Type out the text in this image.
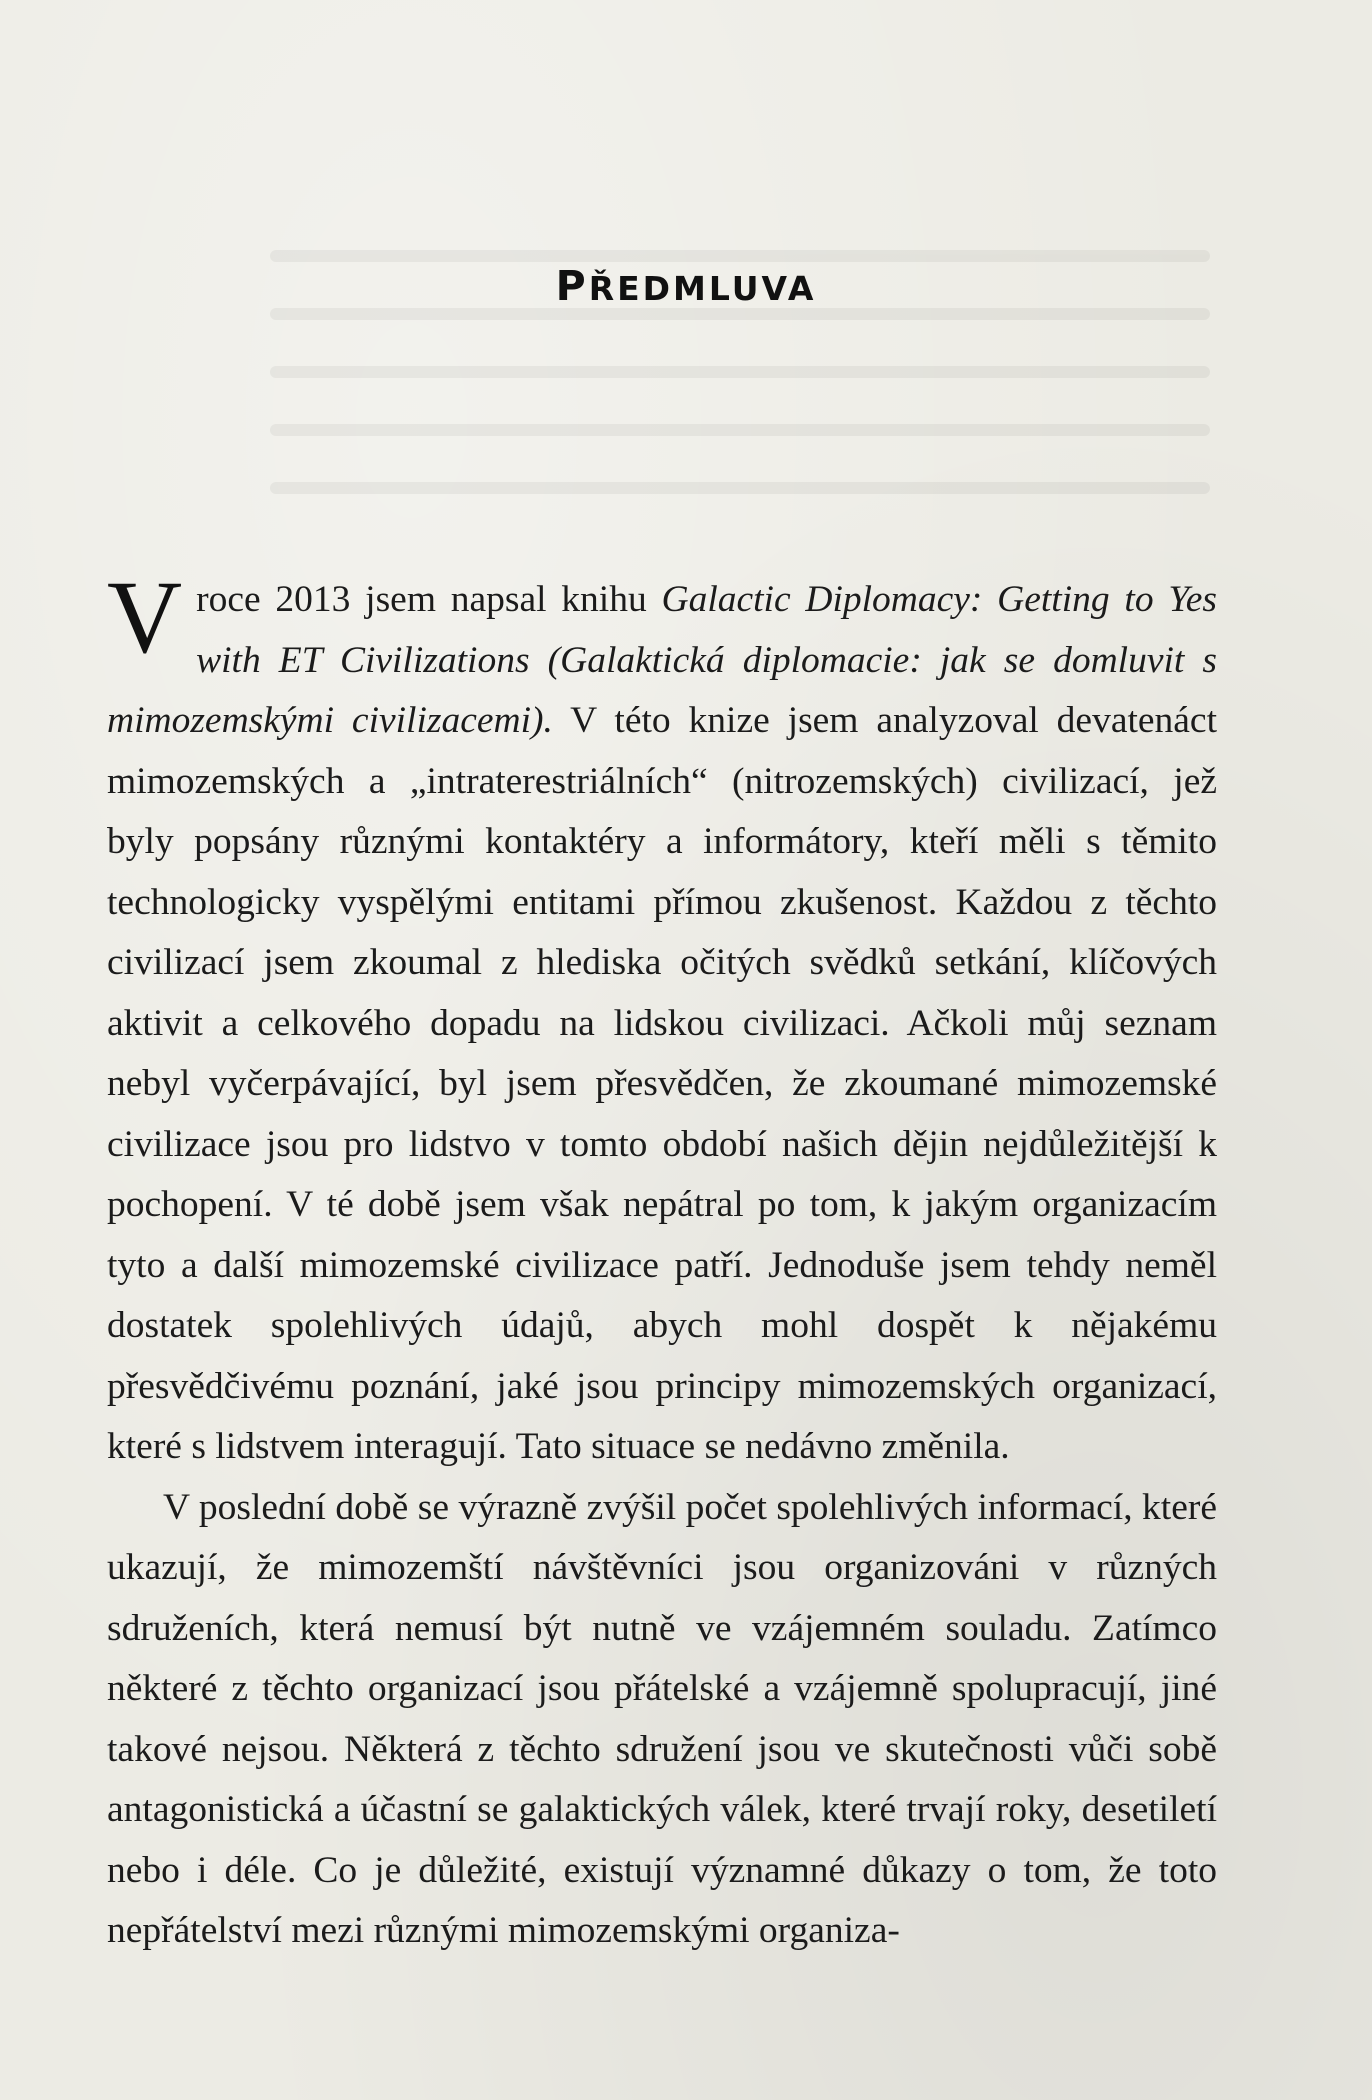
PŘEDMLUVA

V roce 2013 jsem napsal knihu Galactic Diplomacy: Getting to Yes with ET Civilizations (Galaktická diplomacie: jak se domluvit s mimozemskými civilizacemi). V této knize jsem analyzoval devatenáct mimozemských a „intraterestriálních“ (nitrozemských) civilizací, jež byly popsány různými kontaktéry a informátory, kteří měli s těmito technologicky vyspělými entitami přímou zkušenost. Každou z těchto civilizací jsem zkoumal z hlediska očitých svědků setkání, klíčových aktivit a celkového dopadu na lidskou civilizaci. Ačkoli můj seznam nebyl vyčerpávající, byl jsem přesvědčen, že zkoumané mimozemské civilizace jsou pro lidstvo v tomto období našich dějin nejdůležitější k pochopení. V té době jsem však nepátral po tom, k jakým organizacím tyto a další mimozemské civilizace patří. Jednoduše jsem tehdy neměl dostatek spolehlivých údajů, abych mohl dospět k nějakému přesvědčivému poznání, jaké jsou principy mimozemských organizací, které s lidstvem interagují. Tato situace se nedávno změnila.

V poslední době se výrazně zvýšil počet spolehlivých informací, které ukazují, že mimozemští návštěvníci jsou organizováni v různých sdruženích, která nemusí být nutně ve vzájemném souladu. Zatímco některé z těchto organizací jsou přátelské a vzájemně spolupracují, jiné takové nejsou. Některá z těchto sdružení jsou ve skutečnosti vůči sobě antagonistická a účastní se galaktických válek, které trvají roky, desetiletí nebo i déle. Co je důležité, existují významné důkazy o tom, že toto nepřátelství mezi různými mimozemskými organiza-
